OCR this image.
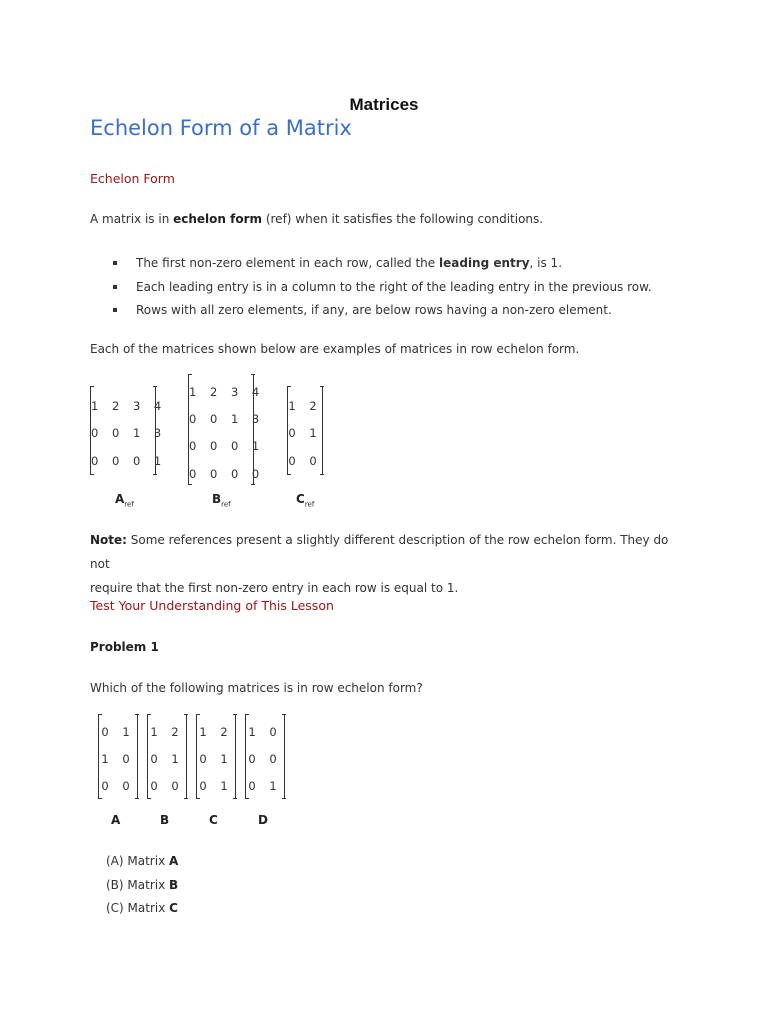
Matrices
Echelon Form of a Matrix
Echelon Form
A matrix is in echelon form (ref) when it satisfies the following conditions.
The first non-zero element in each row, called the leading entry, is 1.
Each leading entry is in a column to the right of the leading entry in the previous row.
Rows with all zero elements, if any, are below rows having a non-zero element.
Each of the matrices shown below are examples of matrices in row echelon form.
1 2 3 4
0 0 1 3
0 0 0 1
$A_{ref}$
1 2 3 4
0 0 1 3
0 0 0 1
0 0 0 0
$B_{ref}$
1 2
0 1
0 0
$C_{ref}$
Note: Some references present a slightly different description of the row echelon form. They do not
require that the first non-zero entry in each row is equal to 1.
Test Your Understanding of This Lesson
Problem 1
Which of the following matrices is in row echelon form?
0 1
1 0
0 0
1 2
0 1
0 0
1 2
0 1
0 1
1 0
0 0
0 1
A	B	C	D
(A) Matrix A
(B) Matrix B
(C) Matrix C
